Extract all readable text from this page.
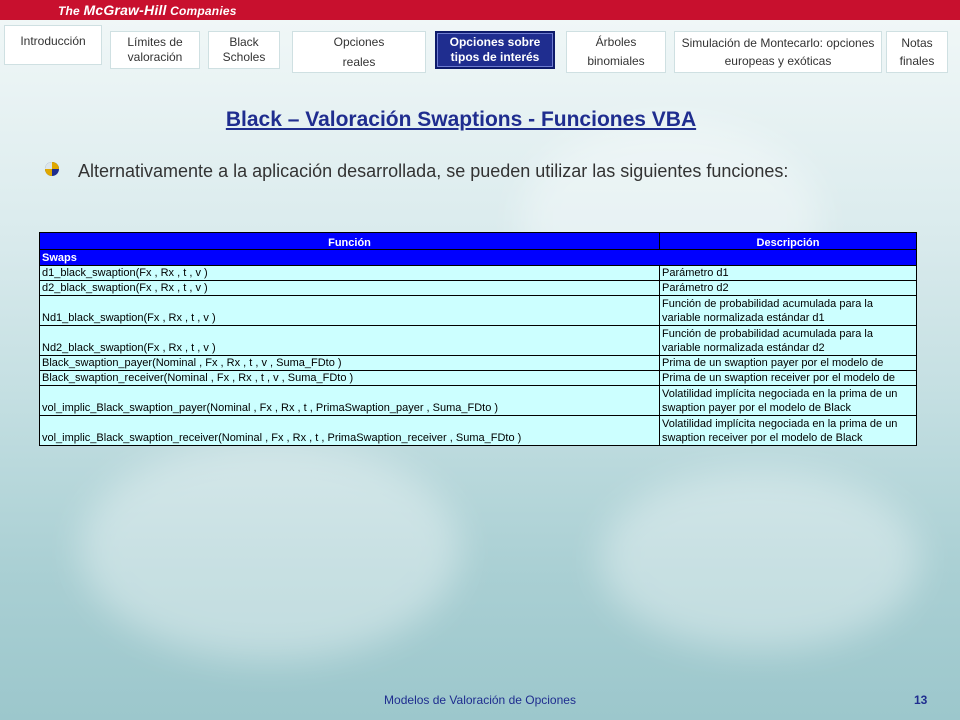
The McGraw-Hill Companies
Introducción	Límites de valoración
Black Scholes
Opciones reales
Opciones sobre tipos de interés
Árboles binomiales
Simulación de Montecarlo: opciones europeas y exóticas
Notas finales
Black – Valoración Swaptions - Funciones VBA
Alternativamente a la aplicación desarrollada, se pueden utilizar las siguientes funciones:
Función	Descripción
Swaps	
d1_black_swaption(Fx , Rx , t , v )	Parámetro d1
d2_black_swaption(Fx , Rx , t , v )	Parámetro d2
Nd1_black_swaption(Fx , Rx , t , v )	Función de probabilidad acumulada para la
variable normalizada estándar d1
Nd2_black_swaption(Fx , Rx , t , v )	Función de probabilidad acumulada para la
variable normalizada estándar d2
Black_swaption_payer(Nominal , Fx , Rx , t , v , Suma_FDto )	Prima de un swaption payer por el modelo de
Black_swaption_receiver(Nominal , Fx , Rx , t , v , Suma_FDto )	Prima de un swaption receiver por el modelo de
vol_implic_Black_swaption_payer(Nominal , Fx , Rx , t , PrimaSwaption_payer , Suma_FDto )	Volatilidad implícita negociada en la prima de un
swaption payer por el modelo de Black
vol_implic_Black_swaption_receiver(Nominal , Fx , Rx , t , PrimaSwaption_receiver , Suma_FDto )	Volatilidad implícita negociada en la prima de un
swaption receiver por el modelo de Black
Modelos de Valoración de Opciones	13
